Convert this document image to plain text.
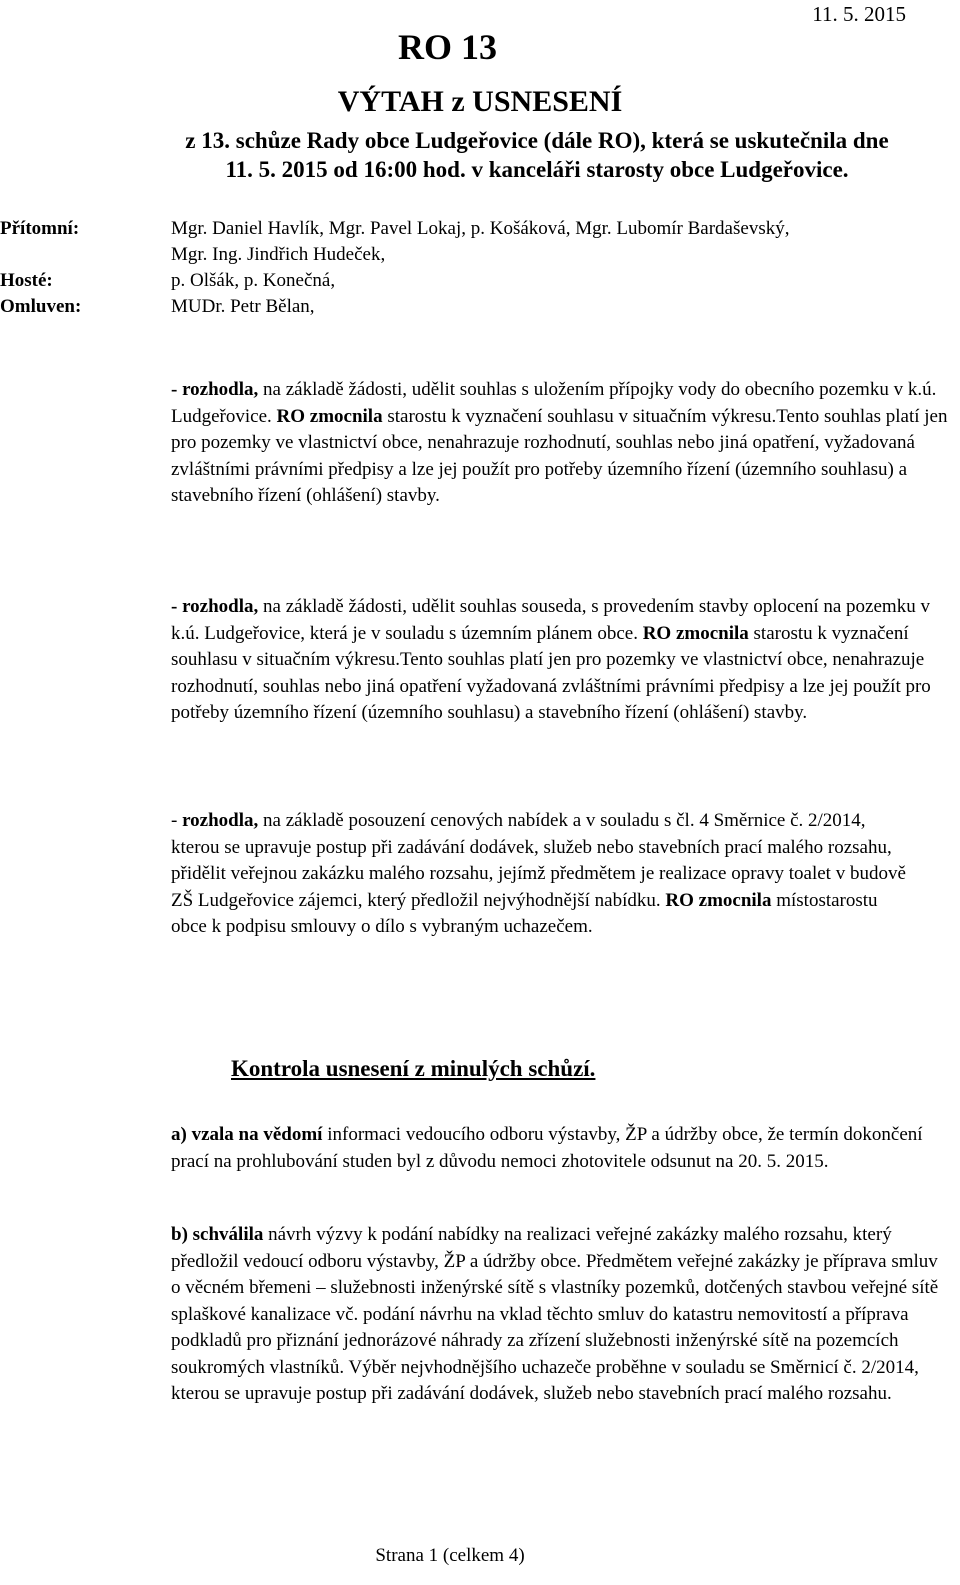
11. 5. 2015
RO 13
VÝTAH z USNESENÍ
z 13. schůze Rady obce Ludgeřovice (dále RO), která se uskutečnila dne
11. 5. 2015 od 16:00 hod. v kanceláři starosty obce Ludgeřovice.
Přítomní:	Mgr. Daniel Havlík, Mgr. Pavel Lokaj, p. Košáková, Mgr. Lubomír Bardaševský,
Mgr. Ing. Jindřich Hudeček,
Hosté:	p. Olšák, p. Konečná,
Omluven:	MUDr. Petr Bělan,
- rozhodla, na základě žádosti, udělit souhlas s uložením přípojky vody do obecního pozemku v k.ú. Ludgeřovice. RO zmocnila starostu k vyznačení souhlasu v situačním výkresu.Tento souhlas platí jen pro pozemky ve vlastnictví obce, nenahrazuje rozhodnutí, souhlas nebo jiná opatření, vyžadovaná zvláštními právními předpisy a lze jej použít pro potřeby územního řízení (územního souhlasu) a stavebního řízení (ohlášení) stavby.
- rozhodla, na základě žádosti, udělit souhlas souseda, s provedením stavby oplocení na pozemku v k.ú. Ludgeřovice, která je v souladu s územním plánem obce. RO zmocnila starostu k vyznačení souhlasu v situačním výkresu.Tento souhlas platí jen pro pozemky ve vlastnictví obce, nenahrazuje rozhodnutí, souhlas nebo jiná opatření vyžadovaná zvláštními právními předpisy a lze jej použít pro potřeby územního řízení (územního souhlasu) a stavebního řízení (ohlášení) stavby.
- rozhodla, na základě posouzení cenových nabídek a v souladu s čl. 4 Směrnice č. 2/2014, kterou se upravuje postup při zadávání dodávek, služeb nebo stavebních prací malého rozsahu, přidělit veřejnou zakázku malého rozsahu, jejímž předmětem je realizace opravy toalet v budově ZŠ Ludgeřovice zájemci, který předložil nejvýhodnější nabídku. RO zmocnila místostarostu obce k podpisu smlouvy o dílo s vybraným uchazečem.
Kontrola usnesení z minulých schůzí.
a) vzala na vědomí informaci vedoucího odboru výstavby, ŽP a údržby obce, že termín dokončení prací na prohlubování studen byl z důvodu nemoci zhotovitele odsunut na 20. 5. 2015.
b) schválila návrh výzvy k podání nabídky na realizaci veřejné zakázky malého rozsahu, který předložil vedoucí odboru výstavby, ŽP a údržby obce. Předmětem veřejné zakázky je příprava smluv o věcném břemeni – služebnosti inženýrské sítě s vlastníky pozemků, dotčených stavbou veřejné sítě splaškové kanalizace vč. podání návrhu na vklad těchto smluv do katastru nemovitostí a příprava podkladů pro přiznání jednorázové náhrady za zřízení služebnosti inženýrské sítě na pozemcích soukromých vlastníků. Výběr nejvhodnějšího uchazeče proběhne v souladu se Směrnicí č. 2/2014, kterou se upravuje postup při zadávání dodávek, služeb nebo stavebních prací malého rozsahu.
Strana 1 (celkem 4)
